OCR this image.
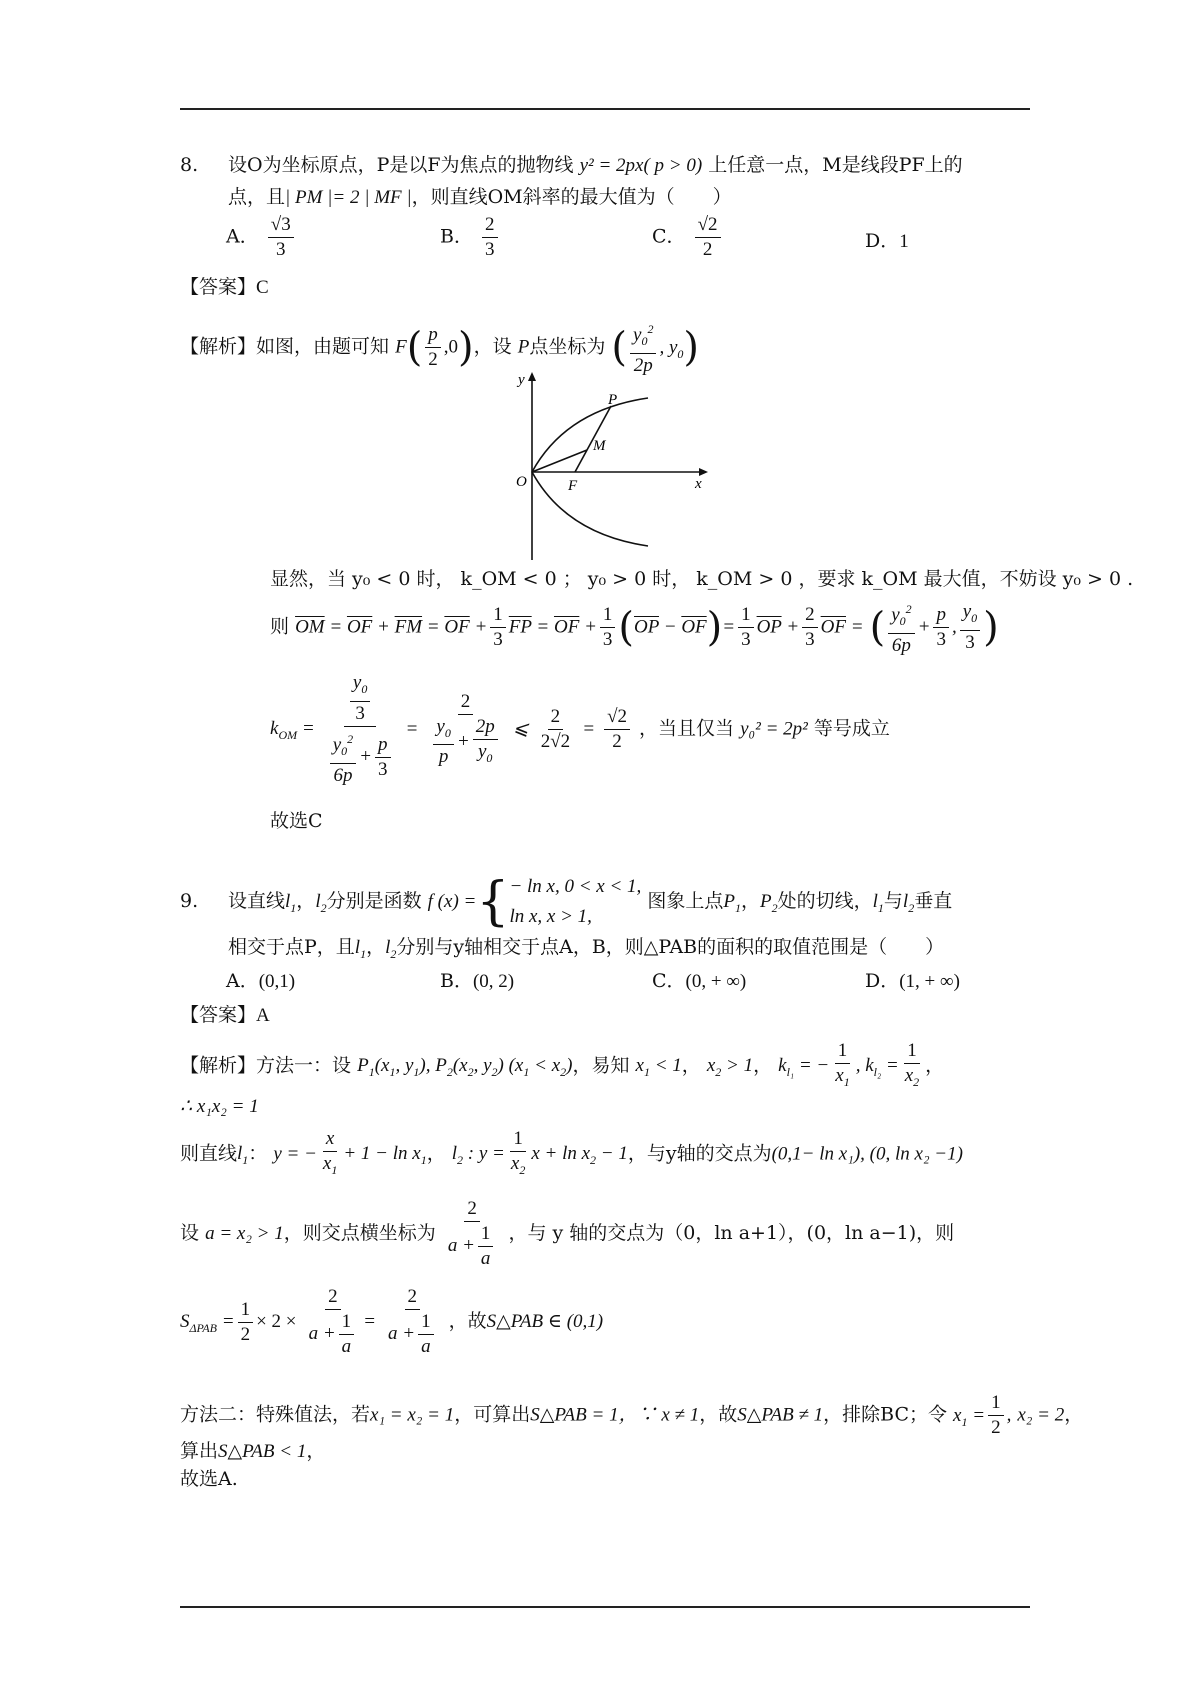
8. 设O为坐标原点，P是以F为焦点的抛物线 y² = 2px( p > 0) 上任意一点，M是线段PF上的
点，且| PM |= 2 | MF |，则直线OM斜率的最大值为（　　）
A． $\frac{√3}{3}$	B． $\frac{2}{3}$	C． $\frac{√2}{2}$	D．1
【答案】C
【解析】如图，由题可知 $F( \frac{p}{2} ,0)$，设 P点坐标为 ( $\frac{y_0^2}{2p}$ , $y_0$)
y
x
O	F
P
M
显然，当 y₀ < 0 时， k_OM < 0 ； y₀ > 0 时， k_OM > 0 ，要求 k_OM 最大值，不妨设 y₀ > 0 .
则 $\overline{OM} = \overline{OF} + \overline{FM} = \overline{OF} + \frac{1}{3} \overline{FP} = \overline{OF} + \frac{1}{3} (\overline{OP} - \overline{OF})= \frac{1}{3} \overline{OP} + \frac{2}{3} \overline{OF}$ = ( $\frac{y_0^2}{6p} + \frac{p}{3}$ , $\frac{y_0}{3}$ )
$k_{OM} = \frac{\frac{y_0}{3}}{\frac{y_0^2}{6p} + \frac{p}{3}} = \frac{2}{\frac{y_0}{p} + \frac{2p}{y_0}}$ ⩽ $\frac{2}{2√2} = \frac{√2}{2}$ ，当且仅当 y₀² = 2p² 等号成立
故选C
9. 设直线$l_1$，$l_2$分别是函数 f (x) ={− ln x, 0 < x < 1,
ln x, x > 1, 图象上点$P_1$，$P_2$处的切线，$l_1$与$l_2$垂直
相交于点P，且$l_1$，$l_2$分别与y轴相交于点A，B，则△PAB的面积的取值范围是（　　）
A．(0,1)	B．(0, 2)	C．(0, + ∞)	D．(1, + ∞)
【答案】A
【解析】方法一：设 $P_1(x_1$, $y_1$), $P_2(x_2$, $y_2$) $(x_1 < x_2)$，易知 $x_1 < 1$， $x_2 > 1$， $k_{l_1}$ = − $\frac{1}{x_1}$ , $k_{l_2} = \frac{1}{x_2}$ ，
∴ x₁x₂ = 1
则直线$l_1$： y = − $\frac{x}{x_1} + 1 - \ln x_1$， $l_2$ : $y = \frac{1}{x_2}$ $x + \ln x_2 - 1$，与y轴的交点为(0,1− ln x₁), (0, ln x₂ −1)
设 a = x₂ > 1，则交点横坐标为 $\frac{2}{a + \frac{1}{a}}$ ，与 y 轴的交点为（0，ln a+1），(0，ln a−1)，则
$S_{\Delta PAB} = \frac{1}{2} \times 2 \times \frac{2}{a + \frac{1}{a}} = \frac{2}{a + \frac{1}{a}}$ ，故S△PAB ∈ (0,1)
方法二：特殊值法，若x₁ = x₂ = 1，可算出S△PAB = 1，∵ x ≠ 1，故S△PAB ≠ 1，排除BC；令 $x_1 = \frac{1}{2}$ , x₂ = 2，
算出S△PAB < 1，
故选A.
